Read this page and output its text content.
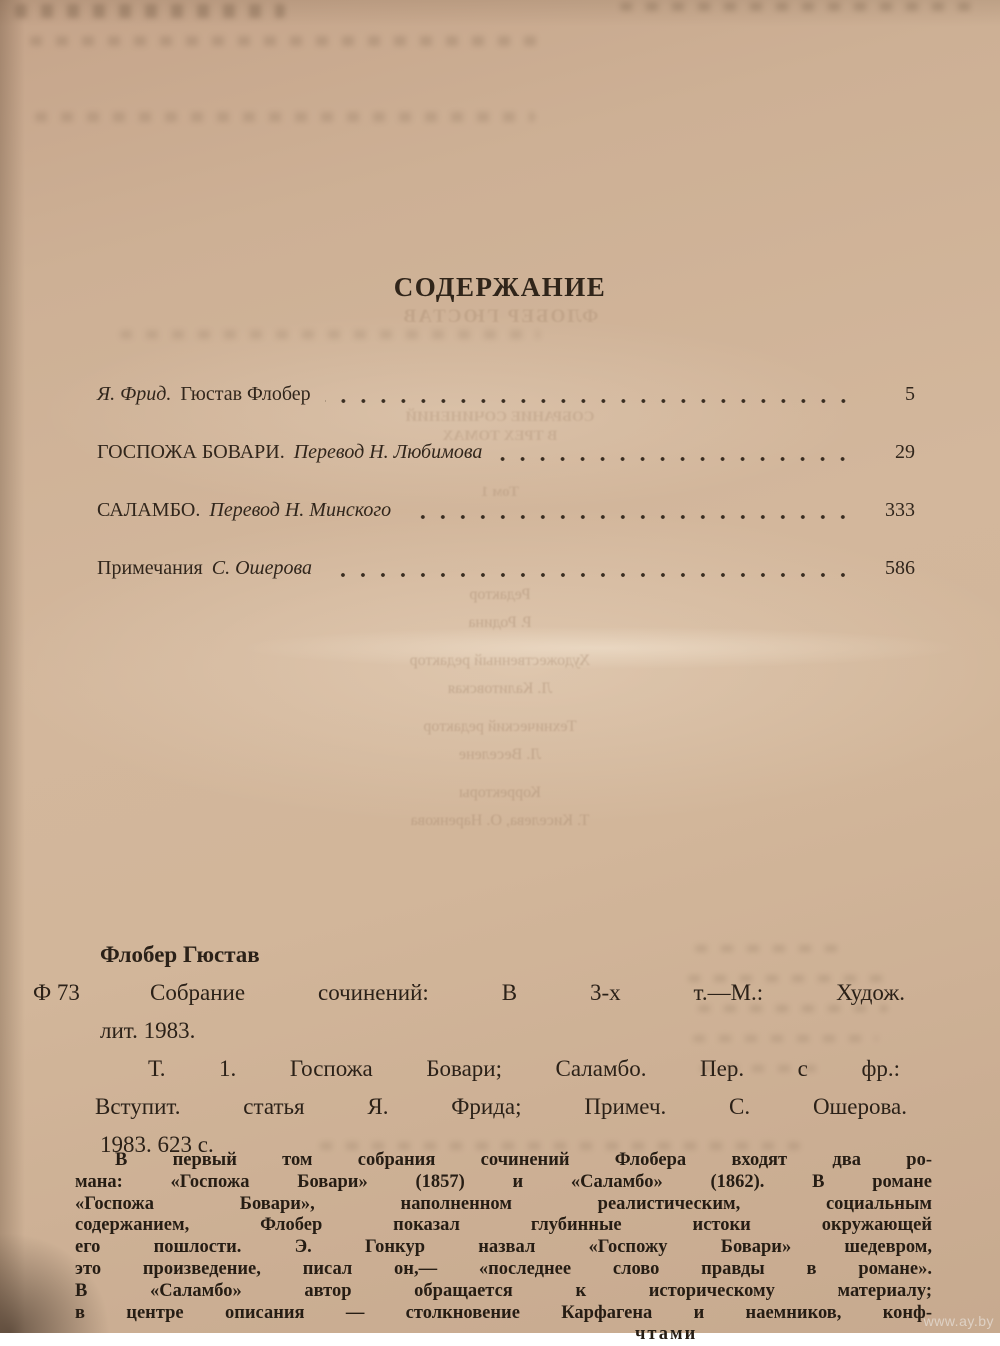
ФЛОБЕР ГЮСТАВ
СОБРАНИЕ СОЧИНЕНИЙ
В ТРЕХ ТОМАХ
Том 1
Редактор
Р. Родина
Художественный редактор
Л. Калитовская
Технический редактор
Л. Веселене
Корректоры
Т. Киселева, О. Наренкова
СОДЕРЖАНИЕ
Я. Фрид. Гюстав Флобер	5
ГОСПОЖА БОВАРИ. Перевод Н. Любимова	29
САЛАМБО. Перевод Н. Минского	333
Примечания С. Ошерова	586
Флобер Гюстав
Ф 73	Собрание сочинений: В 3-х т.—М.: Худож.
лит. 1983.
Т. 1. Госпожа Бовари; Саламбо. Пер. с фр.:
Вступит. статья Я. Фрида; Примеч. С. Ошерова.
1983. 623 с.
В первый том собрания сочинений Флобера входят два ро-
мана: «Госпожа Бовари» (1857) и «Саламбо» (1862). В романе
«Госпожа Бовари», наполненном реалистическим, социальным
содержанием, Флобер показал глубинные истоки окружающей
его пошлости. Э. Гонкур назвал «Госпожу Бовари» шедевром,
это произведение, писал он,— «последнее слово правды в романе».
В «Саламбо» автор обращается к историческому материалу;
в центре описания — столкновение Карфагена и наемников, конф-
чтами
www.ay.by
